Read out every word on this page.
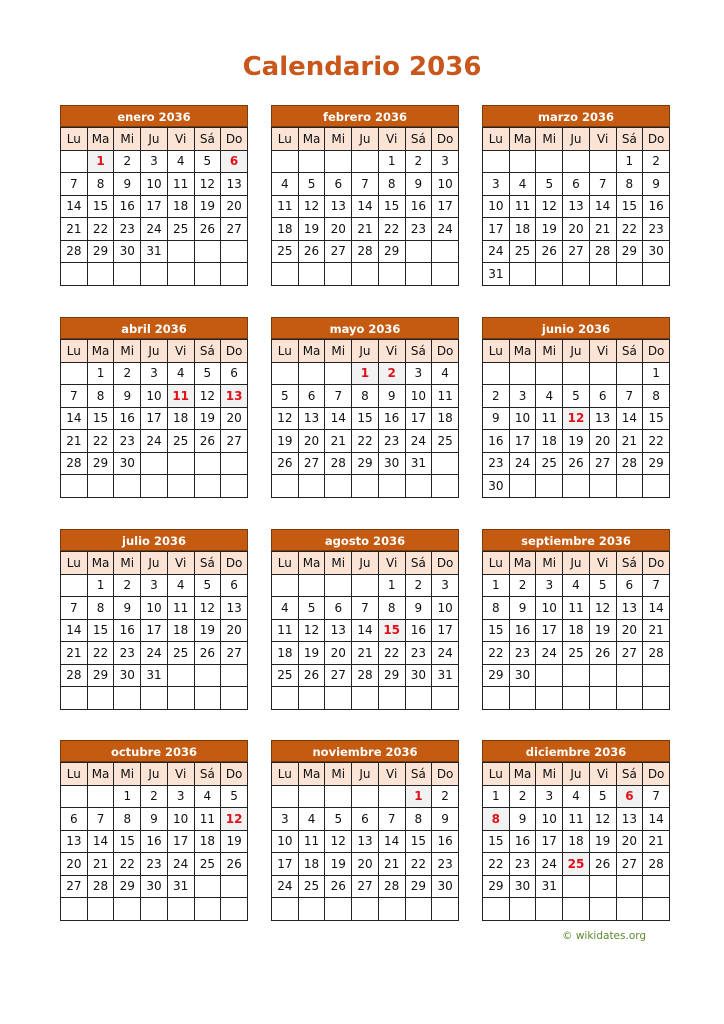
Calendario 2036
enero 2036
Lu	Ma	Mi	Ju	Vi	Sá	Do
	1	2	3	4	5	6
7	8	9	10	11	12	13
14	15	16	17	18	19	20
21	22	23	24	25	26	27
28	29	30	31			

febrero 2036
Lu	Ma	Mi	Ju	Vi	Sá	Do
				1	2	3
4	5	6	7	8	9	10
11	12	13	14	15	16	17
18	19	20	21	22	23	24
25	26	27	28	29		

marzo 2036
Lu	Ma	Mi	Ju	Vi	Sá	Do
					1	2
3	4	5	6	7	8	9
10	11	12	13	14	15	16
17	18	19	20	21	22	23
24	25	26	27	28	29	30
31						
abril 2036
Lu	Ma	Mi	Ju	Vi	Sá	Do
	1	2	3	4	5	6
7	8	9	10	11	12	13
14	15	16	17	18	19	20
21	22	23	24	25	26	27
28	29	30				

mayo 2036
Lu	Ma	Mi	Ju	Vi	Sá	Do
			1	2	3	4
5	6	7	8	9	10	11
12	13	14	15	16	17	18
19	20	21	22	23	24	25
26	27	28	29	30	31	

junio 2036
Lu	Ma	Mi	Ju	Vi	Sá	Do
						1
2	3	4	5	6	7	8
9	10	11	12	13	14	15
16	17	18	19	20	21	22
23	24	25	26	27	28	29
30						
julio 2036
Lu	Ma	Mi	Ju	Vi	Sá	Do
	1	2	3	4	5	6
7	8	9	10	11	12	13
14	15	16	17	18	19	20
21	22	23	24	25	26	27
28	29	30	31			

agosto 2036
Lu	Ma	Mi	Ju	Vi	Sá	Do
				1	2	3
4	5	6	7	8	9	10
11	12	13	14	15	16	17
18	19	20	21	22	23	24
25	26	27	28	29	30	31

septiembre 2036
Lu	Ma	Mi	Ju	Vi	Sá	Do
1	2	3	4	5	6	7
8	9	10	11	12	13	14
15	16	17	18	19	20	21
22	23	24	25	26	27	28
29	30					

octubre 2036
Lu	Ma	Mi	Ju	Vi	Sá	Do
		1	2	3	4	5
6	7	8	9	10	11	12
13	14	15	16	17	18	19
20	21	22	23	24	25	26
27	28	29	30	31		

noviembre 2036
Lu	Ma	Mi	Ju	Vi	Sá	Do
					1	2
3	4	5	6	7	8	9
10	11	12	13	14	15	16
17	18	19	20	21	22	23
24	25	26	27	28	29	30

diciembre 2036
Lu	Ma	Mi	Ju	Vi	Sá	Do
1	2	3	4	5	6	7
8	9	10	11	12	13	14
15	16	17	18	19	20	21
22	23	24	25	26	27	28
29	30	31				

© wikidates.org
